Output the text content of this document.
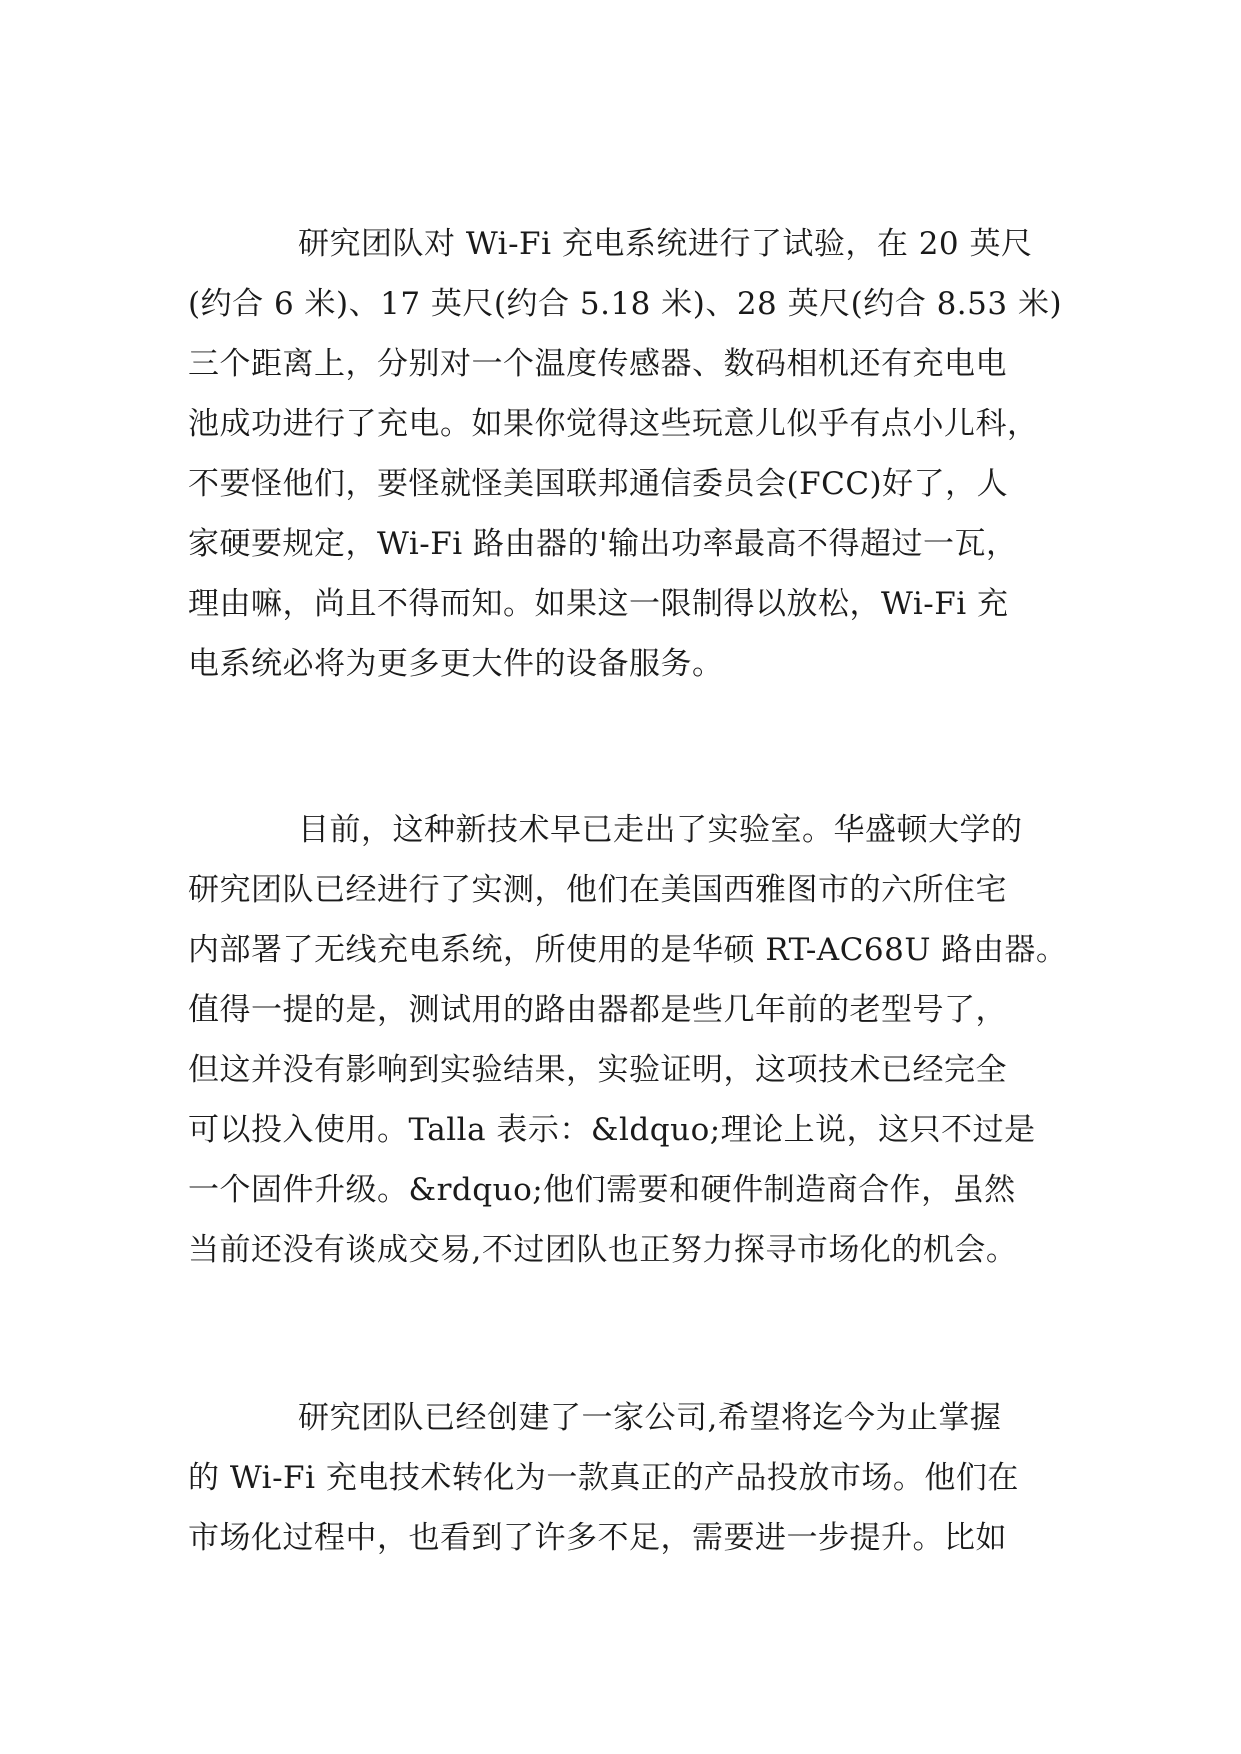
研究团队对 Wi-Fi 充电系统进行了试验，在 20 英尺
(约合 6 米)、17 英尺(约合 5.18 米)、28 英尺(约合 8.53 米)
三个距离上，分别对一个温度传感器、数码相机还有充电电
池成功进行了充电。如果你觉得这些玩意儿似乎有点小儿科，
不要怪他们，要怪就怪美国联邦通信委员会(FCC)好了，人
家硬要规定，Wi-Fi 路由器的'输出功率最高不得超过一瓦，
理由嘛，尚且不得而知。如果这一限制得以放松，Wi-Fi 充
电系统必将为更多更大件的设备服务。
目前，这种新技术早已走出了实验室。华盛顿大学的
研究团队已经进行了实测，他们在美国西雅图市的六所住宅
内部署了无线充电系统，所使用的是华硕 RT-AC68U 路由器。
值得一提的是，测试用的路由器都是些几年前的老型号了，
但这并没有影响到实验结果，实验证明，这项技术已经完全
可以投入使用。Talla 表示：&ldquo;理论上说，这只不过是
一个固件升级。&rdquo;他们需要和硬件制造商合作，虽然
当前还没有谈成交易,不过团队也正努力探寻市场化的机会。
研究团队已经创建了一家公司,希望将迄今为止掌握
的 Wi-Fi 充电技术转化为一款真正的产品投放市场。他们在
市场化过程中，也看到了许多不足，需要进一步提升。比如
